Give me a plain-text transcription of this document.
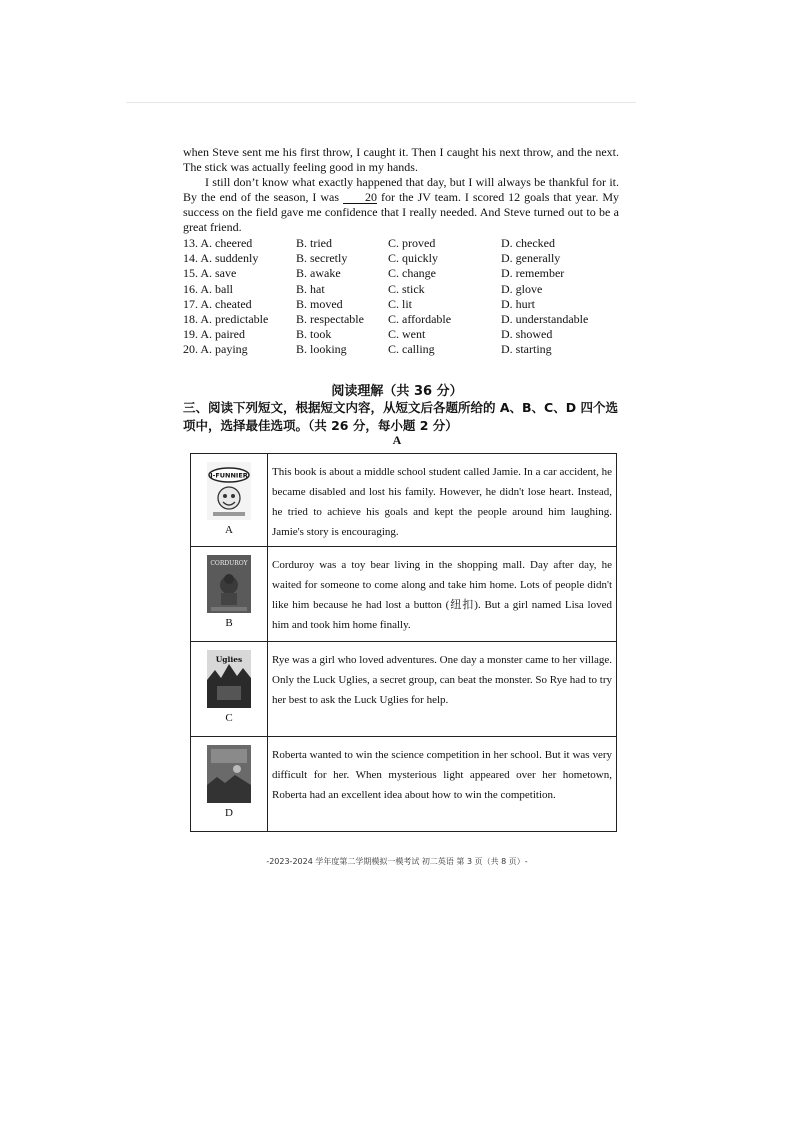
when Steve sent me his first throw, I caught it. Then I caught his next throw, and the next. The stick was actually feeling good in my hands.

I still don’t know what exactly happened that day, but I will always be thankful for it. By the end of the season, I was 20 for the JV team. I scored 12 goals that year. My success on the field gave me confidence that I really needed. And Steve turned out to be a great friend.

13. A. cheered	B. tried	C. proved	D. checked
14. A. suddenly	B. secretly	C. quickly	D. generally
15. A. save	B. awake	C. change	D. remember
16. A. ball	B. hat	C. stick	D. glove
17. A. cheated	B. moved	C. lit	D. hurt
18. A. predictable B. respectable C. affordable	D. understandable
19. A. paired	B. took	C. went	D. showed
20. A. paying	B. looking	C. calling	D. starting
阅读理解（共 36 分）
三、阅读下列短文，根据短文内容，从短文后各题所给的 A、B、C、D 四个选项中，选择最佳选项。（共 26 分，每小题 2 分）
A
I-FUNNIER
A	This book is about a middle school student called Jamie. In a car accident, he became disabled and lost his family. However, he didn't lose heart. Instead, he tried to achieve his goals and kept the people around him laughing. Jamie's story is encouraging.

CORDUROY
B	Corduroy was a toy bear living in the shopping mall. Day after day, he waited for someone to come along and take him home. Lots of people didn't like him because he had lost a button (纽扣). But a girl named Lisa loved him and took him home finally.

Uglies
C	Rye was a girl who loved adventures. One day a monster came to her village. Only the Luck Uglies, a secret group, can beat the monster. So Rye had to try her best to ask the Luck Uglies for help.

D	Roberta wanted to win the science competition in her school. But it was very difficult for her. When mysterious light appeared over her hometown, Roberta had an excellent idea about how to win the competition.
-2023-2024 学年度第二学期模拟一模考试 初二英语 第 3 页（共 8 页）-
